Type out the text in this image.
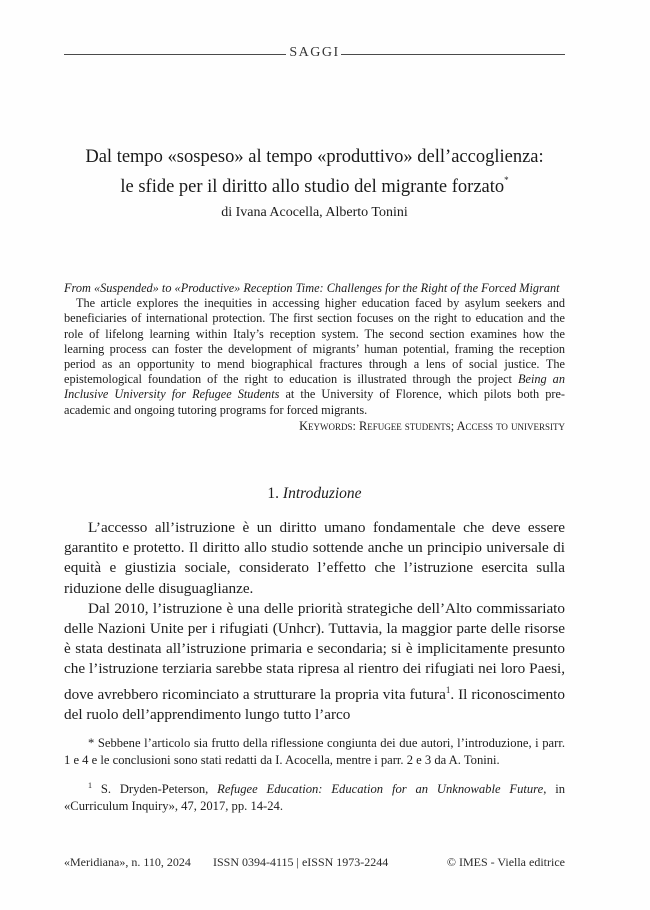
SAGGI
Dal tempo «sospeso» al tempo «produttivo» dell’accoglienza:
le sfide per il diritto allo studio del migrante forzato*
di Ivana Acocella, Alberto Tonini

From «Suspended» to «Productive» Reception Time: Challenges for the Right of the Forced Migrant

The article explores the inequities in accessing higher education faced by asylum seekers and beneficiaries of international protection. The first section focuses on the right to education and the role of lifelong learning within Italy’s reception system. The second section examines how the learning process can foster the development of migrants’ human potential, framing the reception period as an opportunity to mend biographical fractures through a lens of social justice. The epistemological foundation of the right to education is illustrated through the project Being an Inclusive University for Refugee Students at the University of Florence, which pilots both pre-academic and ongoing tutoring programs for forced migrants.

Keywords: Refugee students; Access to university

1. Introduzione

L’accesso all’istruzione è un diritto umano fondamentale che deve essere garantito e protetto. Il diritto allo studio sottende anche un principio universale di equità e giustizia sociale, considerato l’effetto che l’istruzione esercita sulla riduzione delle disuguaglianze.

Dal 2010, l’istruzione è una delle priorità strategiche dell’Alto commissariato delle Nazioni Unite per i rifugiati (Unhcr). Tuttavia, la maggior parte delle risorse è stata destinata all’istruzione primaria e secondaria; si è implicitamente presunto che l’istruzione terziaria sarebbe stata ripresa al rientro dei rifugiati nei loro Paesi, dove avrebbero ricominciato a strutturare la propria vita futura$^1$. Il riconoscimento del ruolo dell’apprendimento lungo tutto l’arco

* Sebbene l’articolo sia frutto della riflessione congiunta dei due autori, l’introduzione, i parr. 1 e 4 e le conclusioni sono stati redatti da I. Acocella, mentre i parr. 2 e 3 da A. Tonini.

$^1$ S. Dryden-Peterson, Refugee Education: Education for an Unknowable Future, in «Curriculum Inquiry», 47, 2017, pp. 14-24.

«Meridiana», n. 110, 2024 ISSN 0394-4115 | eISSN 1973-2244	© IMES - Viella editrice
